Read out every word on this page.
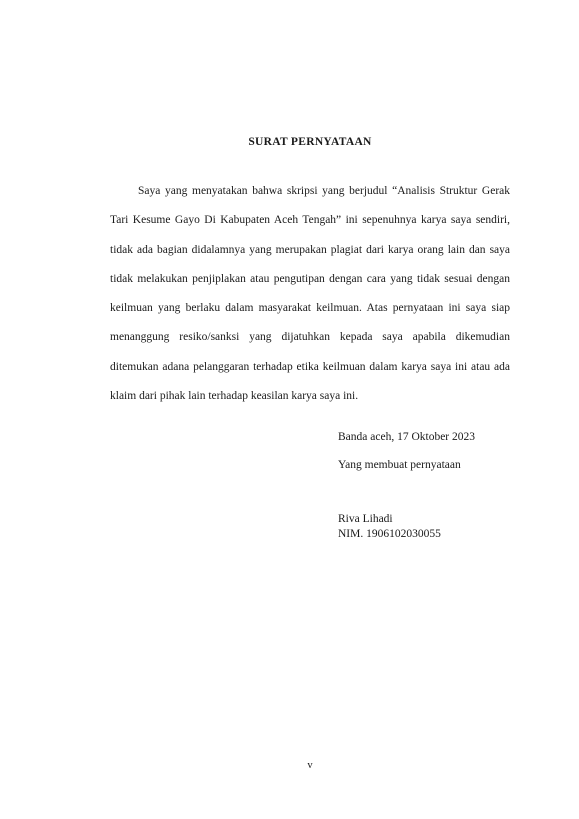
SURAT PERNYATAAN

Saya yang menyatakan bahwa skripsi yang berjudul “Analisis Struktur Gerak Tari Kesume Gayo Di Kabupaten Aceh Tengah” ini sepenuhnya karya saya sendiri, tidak ada bagian didalamnya yang merupakan plagiat dari karya orang lain dan saya tidak melakukan penjiplakan atau pengutipan dengan cara yang tidak sesuai dengan keilmuan yang berlaku dalam masyarakat keilmuan. Atas pernyataan ini saya siap menanggung resiko/sanksi yang dijatuhkan kepada saya apabila dikemudian ditemukan adana pelanggaran terhadap etika keilmuan dalam karya saya ini atau ada klaim dari pihak lain terhadap keasilan karya saya ini.

Banda aceh, 17 Oktober 2023
Yang membuat pernyataan
Riva Lihadi
NIM. 1906102030055
v
